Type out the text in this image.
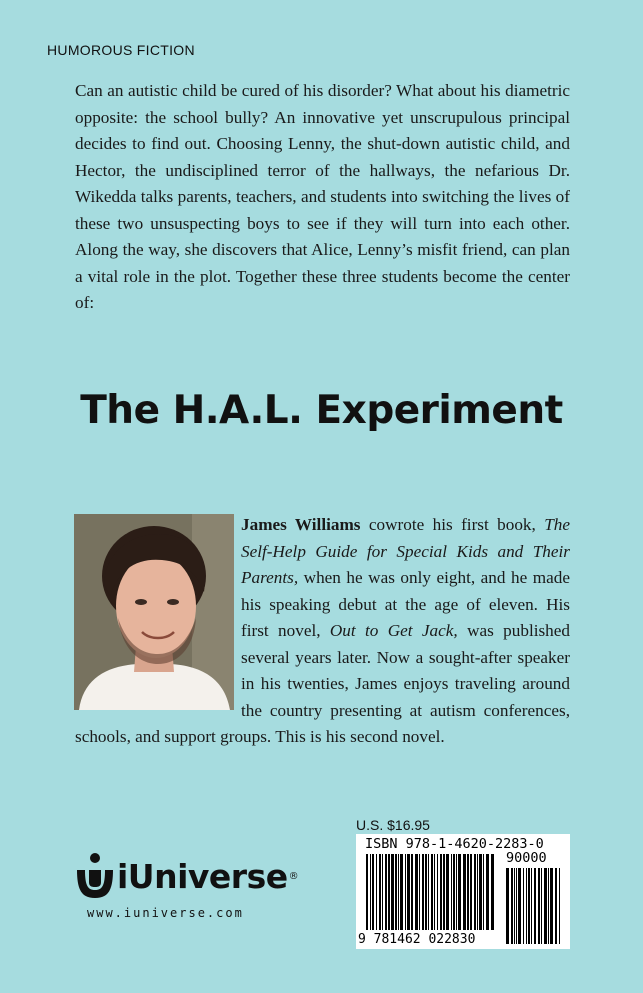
HUMOROUS FICTION

Can an autistic child be cured of his disorder? What about his diametric opposite: the school bully? An innovative yet unscrupulous principal decides to find out. Choosing Lenny, the shut-down autistic child, and Hector, the undisciplined terror of the hallways, the nefarious Dr. Wikedda talks parents, teachers, and students into switching the lives of these two unsuspecting boys to see if they will turn into each other. Along the way, she discovers that Alice, Lenny’s misfit friend, can plan a vital role in the plot. Together these three students become the center of:

The H.A.L. Experiment

James Williams cowrote his first book, The Self-Help Guide for Special Kids and Their Parents, when he was only eight, and he made his speaking debut at the age of eleven. His first novel, Out to Get Jack, was published several years later. Now a sought-after speaker in his twenties, James enjoys traveling around the country presenting at autism conferences, schools, and support groups. This is his second novel.

iUniverse ®
www.iuniverse.com
U.S. $16.95
ISBN 978-1-4620-2283-0
90000
9 781462 022830
